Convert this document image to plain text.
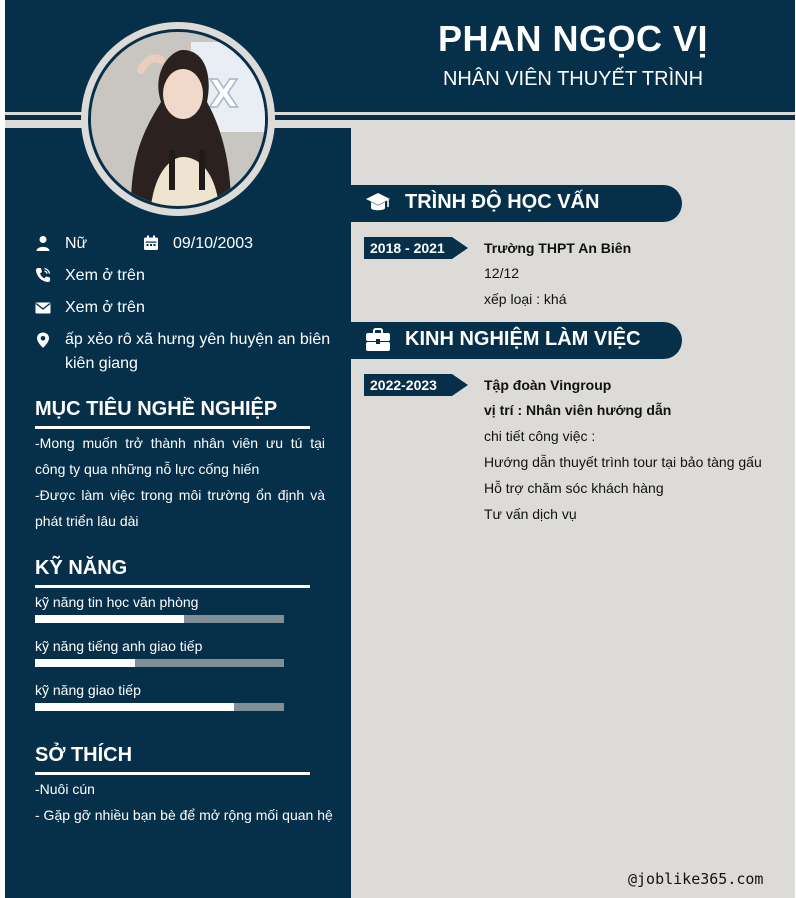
PHAN NGỌC VỊ
NHÂN VIÊN THUYẾT TRÌNH
X
Nữ	09/10/2003
Xem ở trên
Xem ở trên
ấp xẻo rô xã hưng yên huyện an biên kiên giang
MỤC TIÊU NGHỀ NGHIỆP
-Mong muốn trở thành nhân viên ưu tú tại công ty qua những nỗ lực cống hiến
-Được làm việc trong môi trường ổn định và phát triển lâu dài
KỸ NĂNG
kỹ năng tin học văn phòng
kỹ năng tiếng anh giao tiếp
kỹ năng giao tiếp
SỞ THÍCH
-Nuôi cún
- Gặp gỡ nhiều bạn bè để mở rộng mối quan hệ
TRÌNH ĐỘ HỌC VẤN
2018 - 2021	Trường THPT An Biên
12/12
xếp loại : khá
KINH NGHIỆM LÀM VIỆC
2022-2023	Tập đoàn Vingroup
vị trí : Nhân viên hướng dẫn
chi tiết công việc :
Hướng dẫn thuyết trình tour tại bảo tàng gấu
Hỗ trợ chăm sóc khách hàng
Tư vấn dịch vụ
@joblike365.com
